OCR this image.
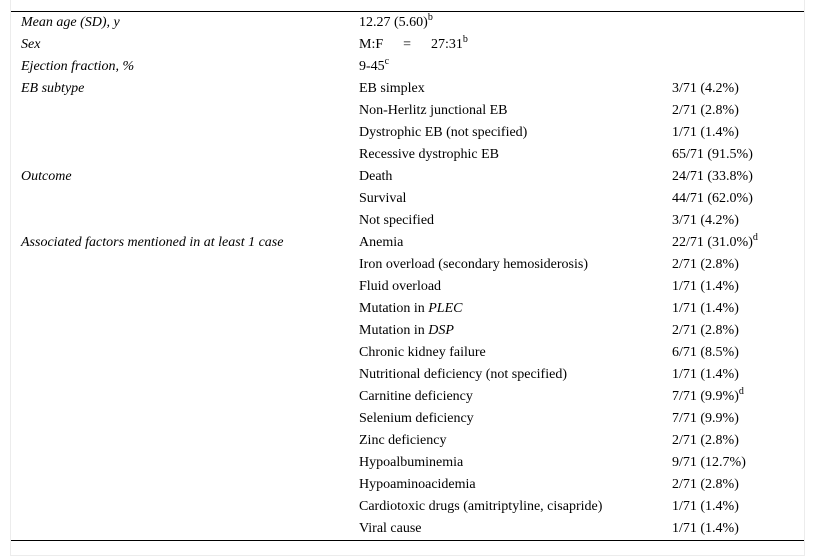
Mean age (SD), y	12.27 $(5.60)^b$	
Sex	M:F = $27:31^b$	
Ejection fraction, %	9-45$^c$	
EB subtype	EB simplex	3/71 (4.2%)
	Non-Herlitz junctional EB	2/71 (2.8%)
	Dystrophic EB (not specified)	1/71 (1.4%)
	Recessive dystrophic EB	65/71 (91.5%)
Outcome	Death	24/71 (33.8%)
	Survival	44/71 (62.0%)
	Not specified	3/71 (4.2%)
Associated factors mentioned in at least 1 case	Anemia	22/71 $(31.0\%)^d$
	Iron overload (secondary hemosiderosis)	2/71 (2.8%)
	Fluid overload	1/71 (1.4%)
	Mutation in PLEC	1/71 (1.4%)
	Mutation in DSP	2/71 (2.8%)
	Chronic kidney failure	6/71 (8.5%)
	Nutritional deficiency (not specified)	1/71 (1.4%)
	Carnitine deficiency	7/71 $(9.9\%)^d$
	Selenium deficiency	7/71 (9.9%)
	Zinc deficiency	2/71 (2.8%)
	Hypoalbuminemia	9/71 (12.7%)
	Hypoaminoacidemia	2/71 (2.8%)
	Cardiotoxic drugs (amitriptyline, cisapride)	1/71 (1.4%)
	Viral cause	1/71 (1.4%)
